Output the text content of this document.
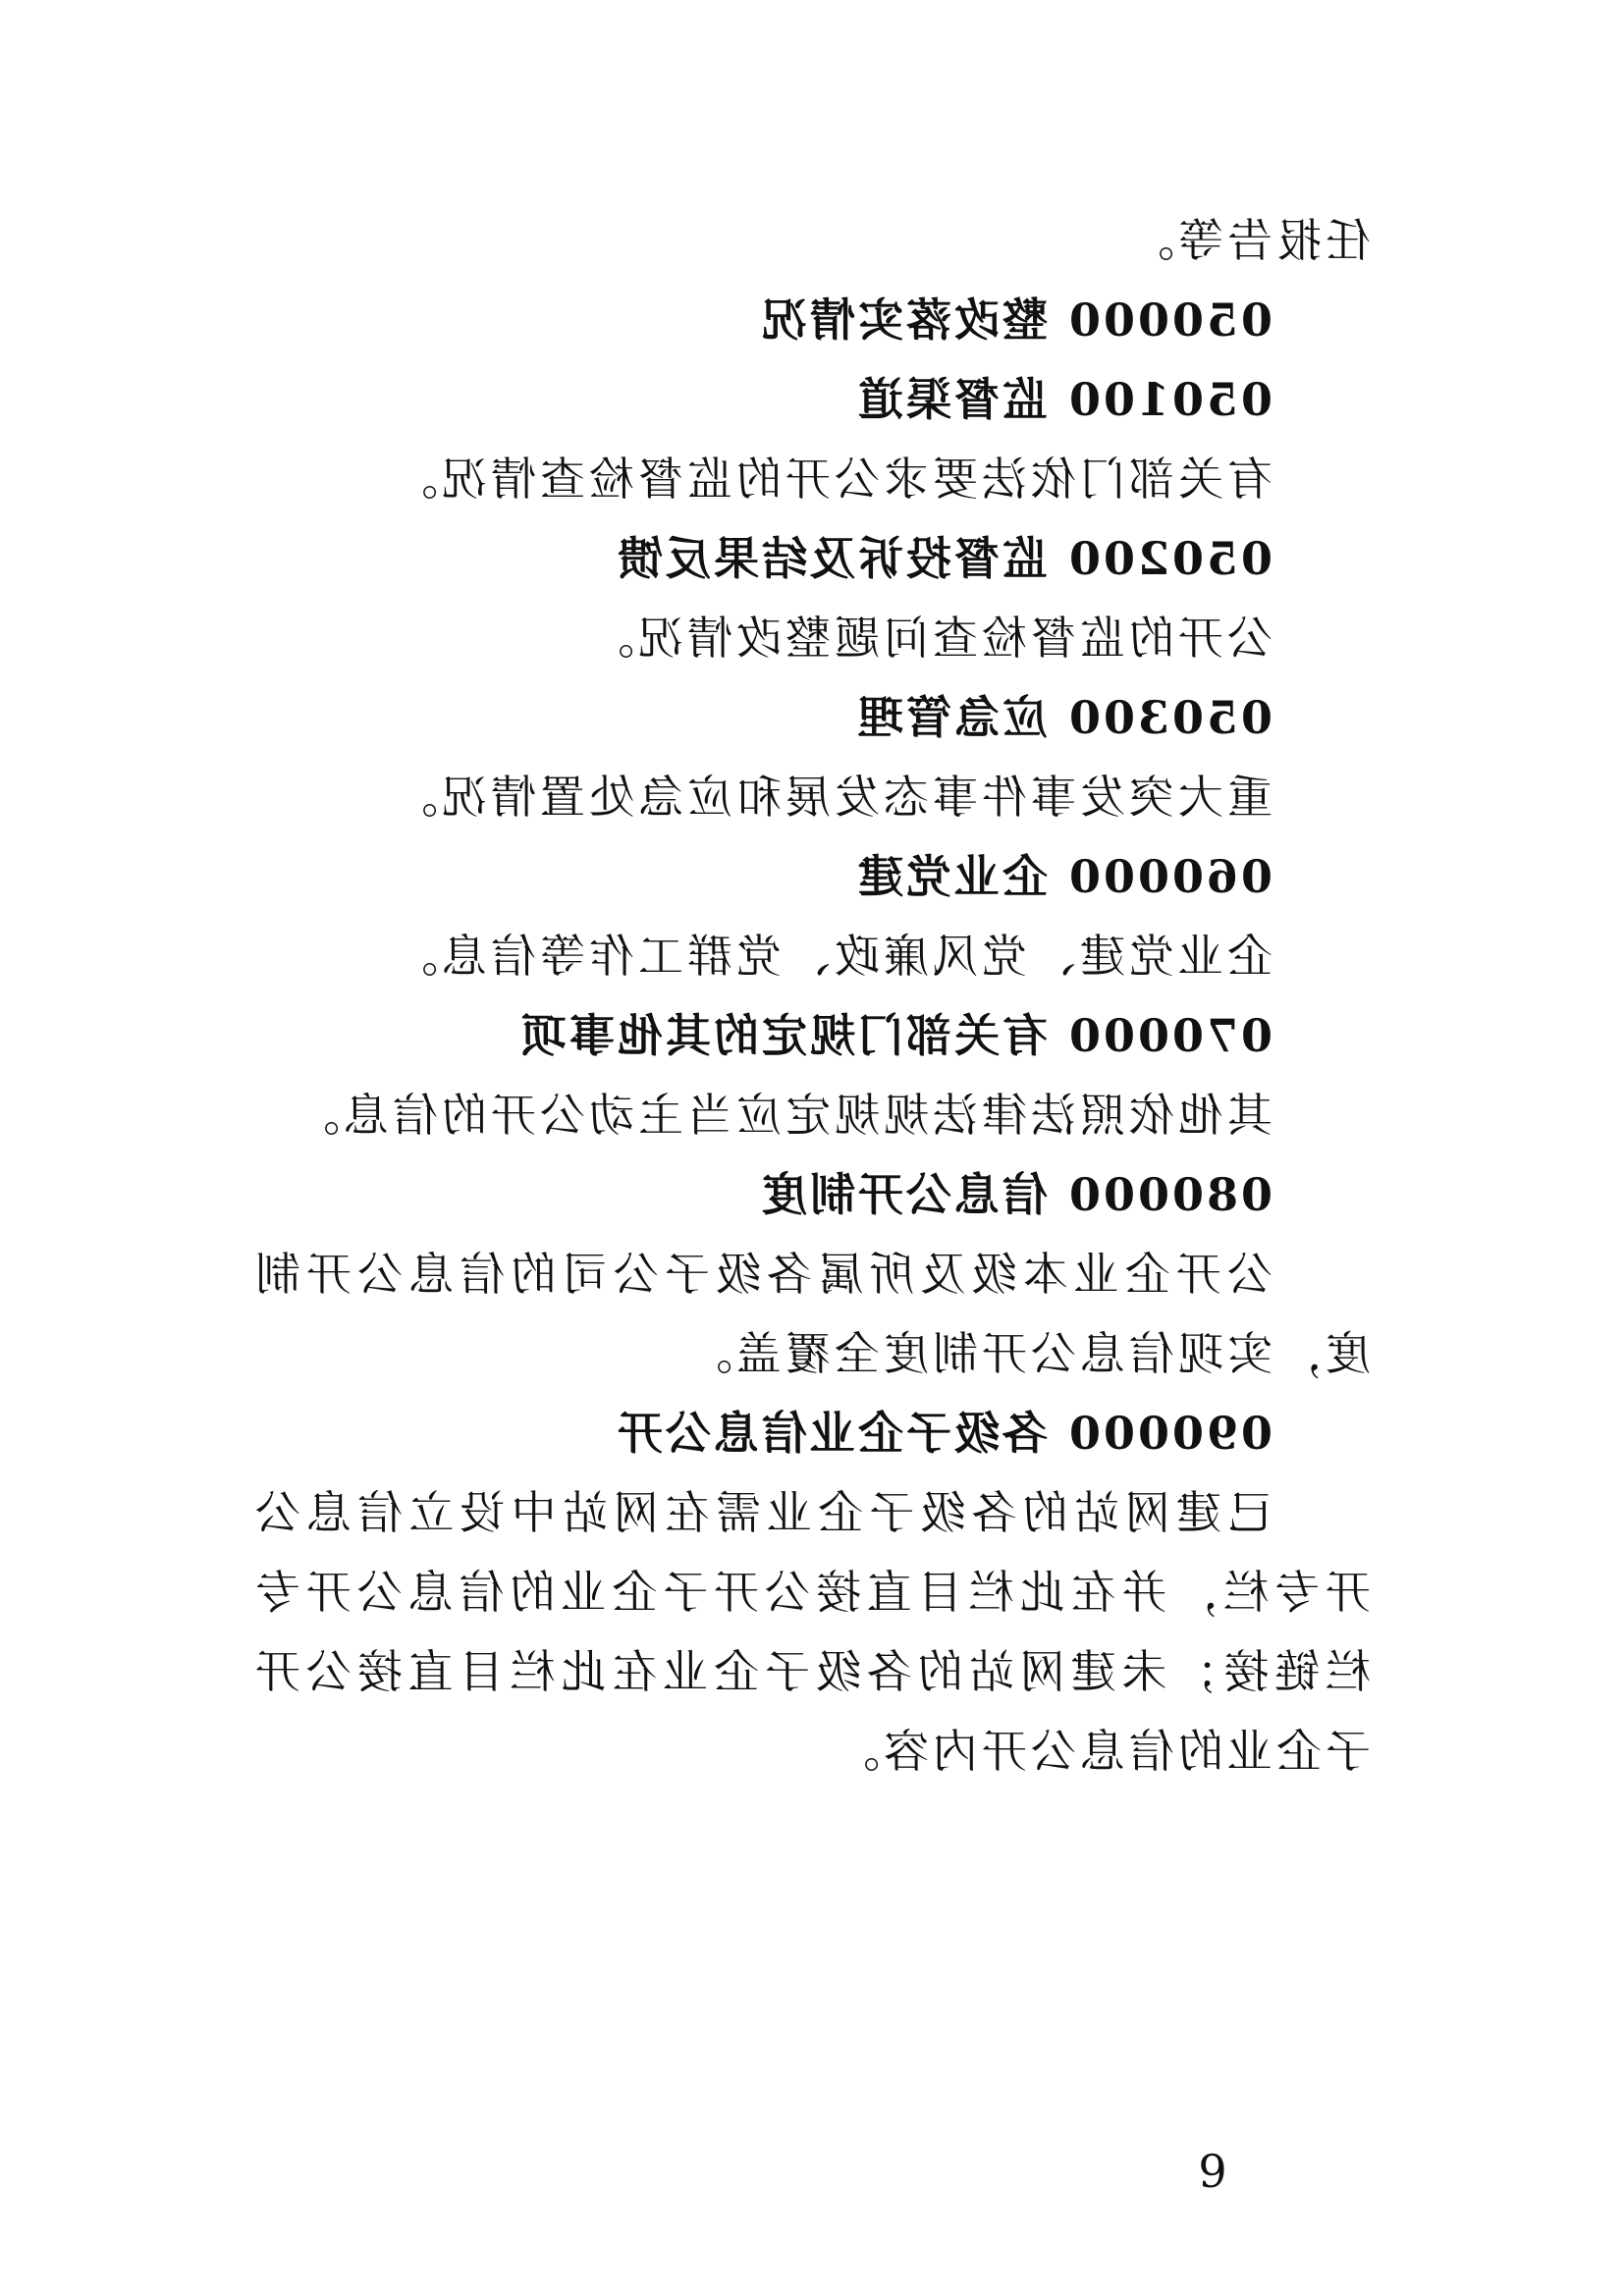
任报告等。

050000 整改落实情况
050100 监督渠道

有关部门依法要求公开的监督检查情况。

050200 监督投诉及结果反馈

公开的监督检查问题整改情况。

050300 应急管理

重大突发事件事态发展和应急处置情况。

060000 企业党建

企业党建、党风廉政、党群工作等信息。

070000 有关部门规定的其他事项

其他依照法律法规规定应当主动公开的信息。

080000 信息公开制度

公开企业本级及所属各级子公司的信息公开制度，实现信息公开制度全覆盖。

090000 各级子企业信息公开

已建网站的各级子企业需在网站中设立信息公开专栏，并在此栏目直接公开子企业的信息公开专栏链接；未建网站的各级子企业在此栏目直接公开子企业的信息公开内容。

9
